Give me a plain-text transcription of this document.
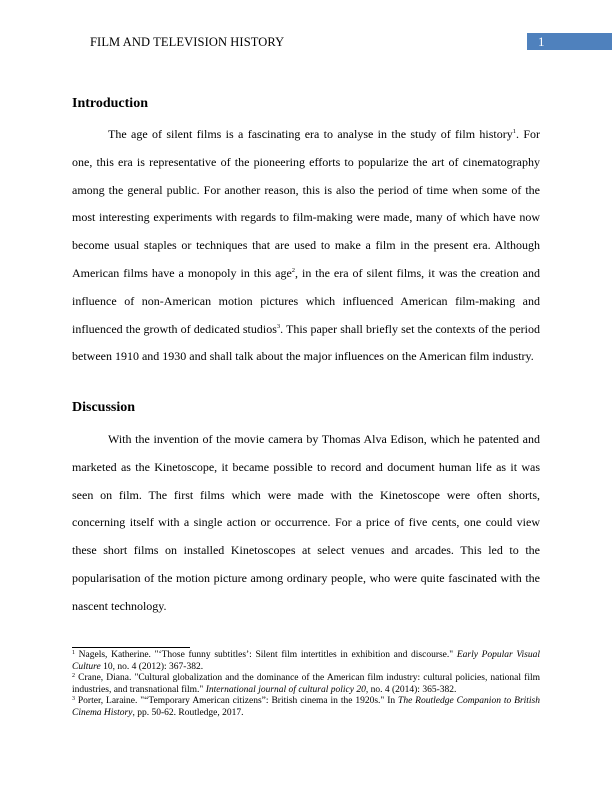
FILM AND TELEVISION HISTORY	1
Introduction

The age of silent films is a fascinating era to analyse in the study of film history$^1$. For one, this era is representative of the pioneering efforts to popularize the art of cinematography among the general public. For another reason, this is also the period of time when some of the most interesting experiments with regards to film-making were made, many of which have now become usual staples or techniques that are used to make a film in the present era. Although American films have a monopoly in this age$^2$, in the era of silent films, it was the creation and influence of non-American motion pictures which influenced American film-making and influenced the growth of dedicated studios$^3$. This paper shall briefly set the contexts of the period between 1910 and 1930 and shall talk about the major influences on the American film industry.

Discussion

With the invention of the movie camera by Thomas Alva Edison, which he patented and marketed as the Kinetoscope, it became possible to record and document human life as it was seen on film. The first films which were made with the Kinetoscope were often shorts, concerning itself with a single action or occurrence. For a price of five cents, one could view these short films on installed Kinetoscopes at select venues and arcades. This led to the popularisation of the motion picture among ordinary people, who were quite fascinated with the nascent technology.

$^1$ Nagels, Katherine. "‘Those funny subtitles’: Silent film intertitles in exhibition and discourse." Early Popular Visual Culture 10, no. 4 (2012): 367-382.

$^2$ Crane, Diana. "Cultural globalization and the dominance of the American film industry: cultural policies, national film industries, and transnational film." International journal of cultural policy 20, no. 4 (2014): 365-382.

$^3$ Porter, Laraine. "“Temporary American citizens”: British cinema in the 1920s." In The Routledge Companion to British Cinema History, pp. 50-62. Routledge, 2017.
